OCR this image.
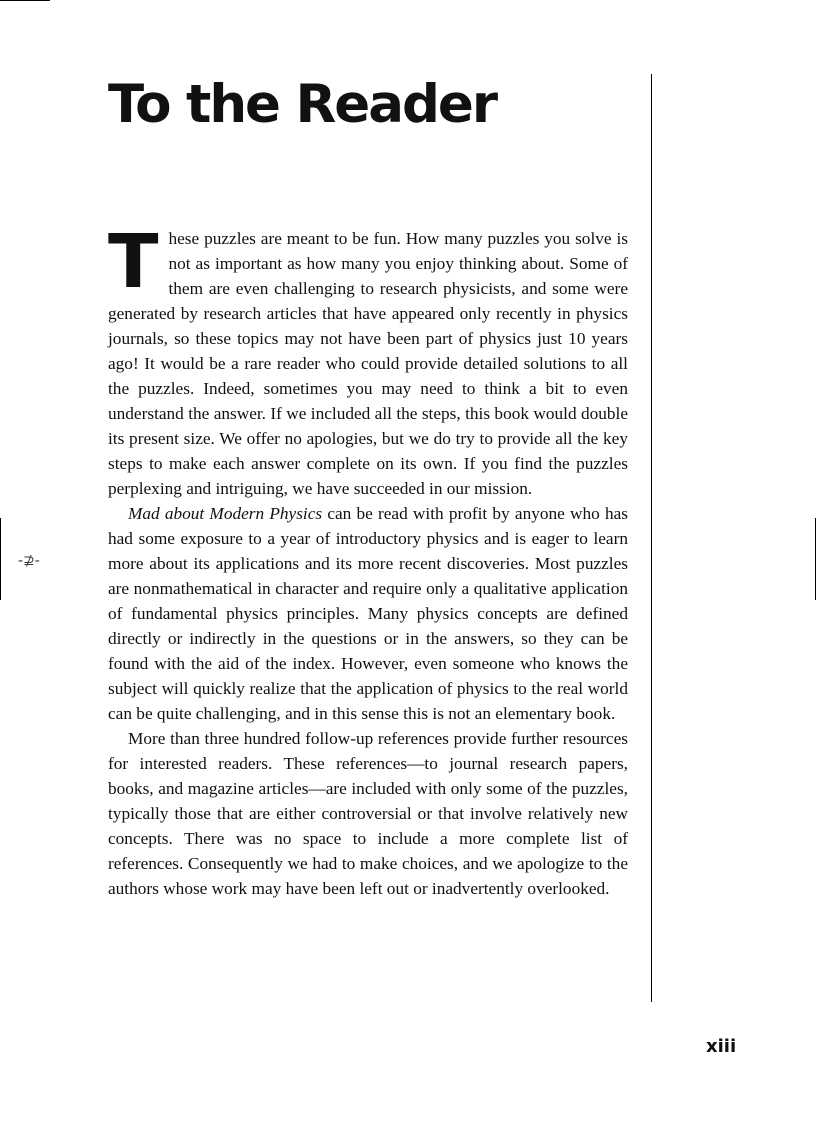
-⊉-
To the Reader

These puzzles are meant to be fun. How many puzzles you solve is not as important as how many you enjoy thinking about. Some of them are even challenging to research physicists, and some were generated by research articles that have appeared only recently in physics journals, so these topics may not have been part of physics just 10 years ago! It would be a rare reader who could provide detailed solutions to all the puzzles. Indeed, sometimes you may need to think a bit to even understand the answer. If we included all the steps, this book would double its present size. We offer no apologies, but we do try to provide all the key steps to make each answer complete on its own. If you find the puzzles perplexing and intriguing, we have succeeded in our mission.

Mad about Modern Physics can be read with profit by anyone who has had some exposure to a year of introductory physics and is eager to learn more about its applications and its more recent discoveries. Most puzzles are nonmathematical in character and require only a qualitative application of fundamental physics principles. Many physics concepts are defined directly or indirectly in the questions or in the answers, so they can be found with the aid of the index. However, even someone who knows the subject will quickly realize that the application of physics to the real world can be quite challenging, and in this sense this is not an elementary book.

More than three hundred follow-up references provide further resources for interested readers. These references—to journal research papers, books, and magazine articles—are included with only some of the puzzles, typically those that are either controversial or that involve relatively new concepts. There was no space to include a more complete list of references. Consequently we had to make choices, and we apologize to the authors whose work may have been left out or inadvertently overlooked.

xiii
